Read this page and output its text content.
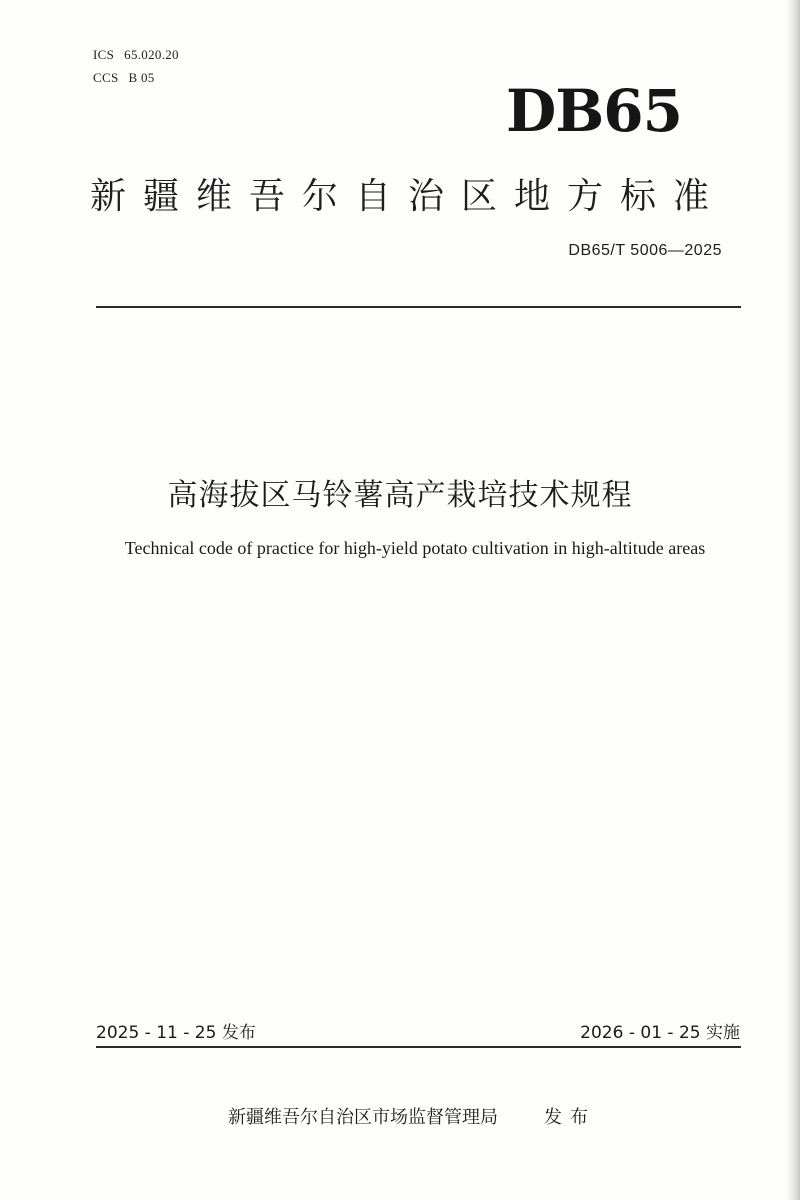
ICS 65.020.20
CCS B 05	DB65
新疆维吾尔自治区地方标准
DB65/T 5006—2025
高海拔区马铃薯高产栽培技术规程
Technical code of practice for high-yield potato cultivation in high-altitude areas
2025 - 11 - 25 发布	2026 - 01 - 25 实施
新疆维吾尔自治区市场监督管理局	发布
